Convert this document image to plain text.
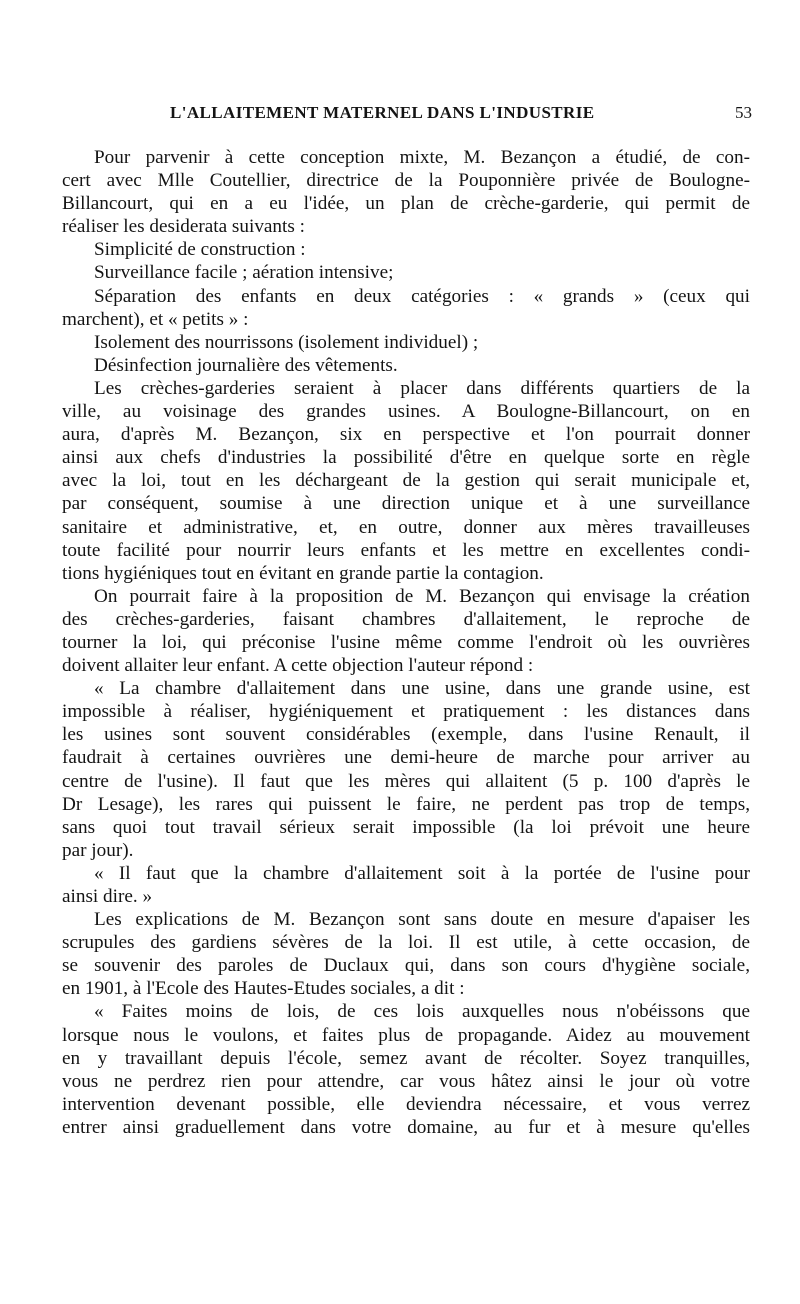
L'ALLAITEMENT MATERNEL DANS L'INDUSTRIE	53
Pour parvenir à cette conception mixte, M. Bezançon a étudié, de con-
cert avec Mlle Coutellier, directrice de la Pouponnière privée de Boulogne-
Billancourt, qui en a eu l'idée, un plan de crèche-garderie, qui permit de
réaliser les desiderata suivants :
Simplicité de construction :
Surveillance facile ; aération intensive;
Séparation des enfants en deux catégories : « grands » (ceux qui
marchent), et « petits » :
Isolement des nourrissons (isolement individuel) ;
Désinfection journalière des vêtements.
Les crèches-garderies seraient à placer dans différents quartiers de la
ville, au voisinage des grandes usines. A Boulogne-Billancourt, on en
aura, d'après M. Bezançon, six en perspective et l'on pourrait donner
ainsi aux chefs d'industries la possibilité d'être en quelque sorte en règle
avec la loi, tout en les déchargeant de la gestion qui serait municipale et,
par conséquent, soumise à une direction unique et à une surveillance
sanitaire et administrative, et, en outre, donner aux mères travailleuses
toute facilité pour nourrir leurs enfants et les mettre en excellentes condi-
tions hygiéniques tout en évitant en grande partie la contagion.
On pourrait faire à la proposition de M. Bezançon qui envisage la création
des crèches-garderies, faisant chambres d'allaitement, le reproche de
tourner la loi, qui préconise l'usine même comme l'endroit où les ouvrières
doivent allaiter leur enfant. A cette objection l'auteur répond :
« La chambre d'allaitement dans une usine, dans une grande usine, est
impossible à réaliser, hygiéniquement et pratiquement : les distances dans
les usines sont souvent considérables (exemple, dans l'usine Renault, il
faudrait à certaines ouvrières une demi-heure de marche pour arriver au
centre de l'usine). Il faut que les mères qui allaitent (5 p. 100 d'après le
Dr Lesage), les rares qui puissent le faire, ne perdent pas trop de temps,
sans quoi tout travail sérieux serait impossible (la loi prévoit une heure
par jour).
« Il faut que la chambre d'allaitement soit à la portée de l'usine pour
ainsi dire. »
Les explications de M. Bezançon sont sans doute en mesure d'apaiser les
scrupules des gardiens sévères de la loi. Il est utile, à cette occasion, de
se souvenir des paroles de Duclaux qui, dans son cours d'hygiène sociale,
en 1901, à l'Ecole des Hautes-Etudes sociales, a dit :
« Faites moins de lois, de ces lois auxquelles nous n'obéissons que
lorsque nous le voulons, et faites plus de propagande. Aidez au mouvement
en y travaillant depuis l'école, semez avant de récolter. Soyez tranquilles,
vous ne perdrez rien pour attendre, car vous hâtez ainsi le jour où votre
intervention devenant possible, elle deviendra nécessaire, et vous verrez
entrer ainsi graduellement dans votre domaine, au fur et à mesure qu'elles
